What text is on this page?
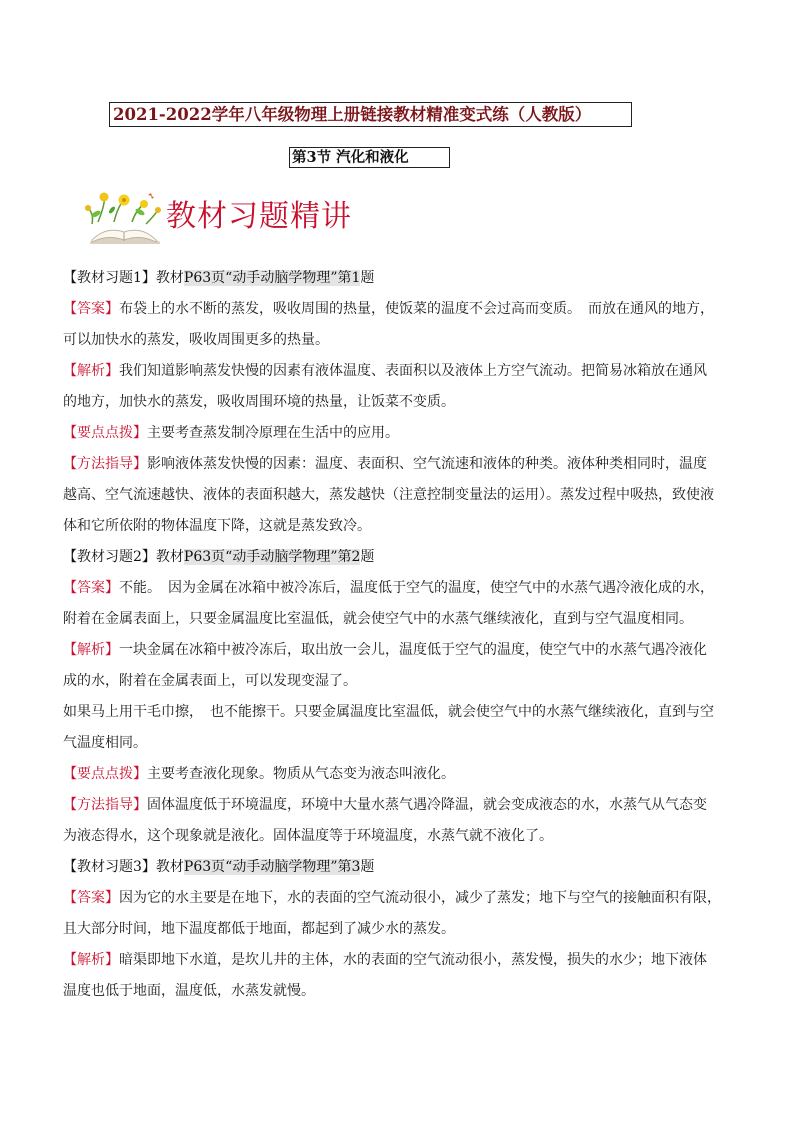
2021-2022学年八年级物理上册链接教材精准变式练（人教版）
第3节 汽化和液化
教材习题精讲
【教材习题1】教材P63页“动手动脑学物理”第1题
【答案】布袋上的水不断的蒸发，吸收周围的热量，使饭菜的温度不会过高而变质。　而放在通风的地方，
可以加快水的蒸发，吸收周围更多的热量。
【解析】我们知道影响蒸发快慢的因素有液体温度、表面积以及液体上方空气流动。把简易冰箱放在通风
的地方，加快水的蒸发，吸收周围环境的热量，让饭菜不变质。
【要点点拨】主要考查蒸发制冷原理在生活中的应用。
【方法指导】影响液体蒸发快慢的因素：温度、表面积、空气流速和液体的种类。液体种类相同时，温度
越高、空气流速越快、液体的表面积越大，蒸发越快（注意控制变量法的运用）。蒸发过程中吸热，致使液
体和它所依附的物体温度下降，这就是蒸发致冷。
【教材习题2】教材P63页“动手动脑学物理”第2题
【答案】不能。　因为金属在冰箱中被冷冻后，温度低于空气的温度，使空气中的水蒸气遇冷液化成的水，
附着在金属表面上，只要金属温度比室温低，就会使空气中的水蒸气继续液化，直到与空气温度相同。
【解析】一块金属在冰箱中被冷冻后，取出放一会儿，温度低于空气的温度，使空气中的水蒸气遇冷液化
成的水，附着在金属表面上，可以发现变湿了。
如果马上用干毛巾擦，　也不能擦干。只要金属温度比室温低，就会使空气中的水蒸气继续液化，直到与空
气温度相同。
【要点点拨】主要考查液化现象。物质从气态变为液态叫液化。
【方法指导】固体温度低于环境温度，环境中大量水蒸气遇冷降温，就会变成液态的水，水蒸气从气态变
为液态得水，这个现象就是液化。固体温度等于环境温度，水蒸气就不液化了。
【教材习题3】教材P63页“动手动脑学物理”第3题
【答案】因为它的水主要是在地下，水的表面的空气流动很小，减少了蒸发；地下与空气的接触面积有限，
且大部分时间，地下温度都低于地面，都起到了减少水的蒸发。
【解析】暗渠即地下水道，是坎儿井的主体，水的表面的空气流动很小，蒸发慢，损失的水少；地下液体
温度也低于地面，温度低，水蒸发就慢。
